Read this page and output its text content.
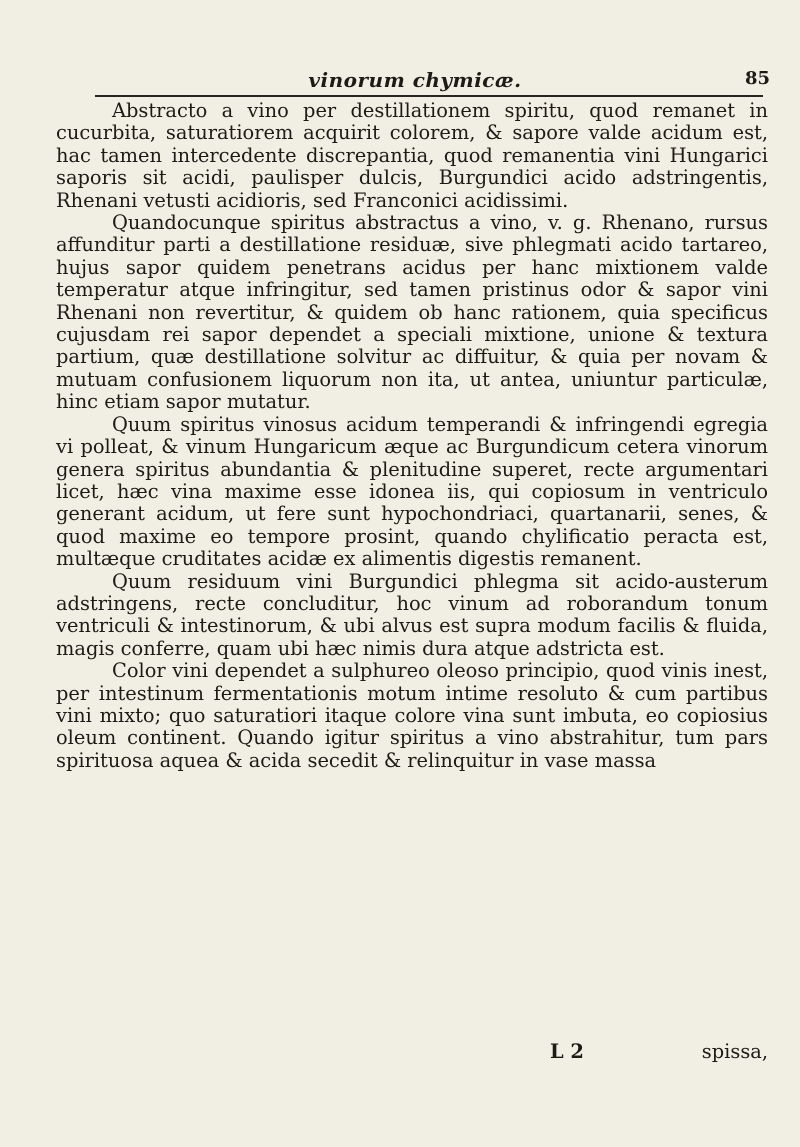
vinorum chymicæ.	85

Abstracto a vino per destillationem spiritu, quod remanet in cucurbita, saturatiorem acquirit colorem, & sapore valde acidum est, hac tamen intercedente discrepantia, quod remanentia vini Hungarici saporis sit acidi, paulisper dulcis, Burgundici acido adstringentis, Rhenani vetusti acidioris, sed Franconici acidissimi.

Quandocunque spiritus abstractus a vino, v. g. Rhenano, rursus affunditur parti a destillatione residuæ, sive phlegmati acido tartareo, hujus sapor quidem penetrans acidus per hanc mixtionem valde temperatur atque infringitur, sed tamen pristinus odor & sapor vini Rhenani non revertitur, & quidem ob hanc rationem, quia specificus cujusdam rei sapor dependet a speciali mixtione, unione & textura partium, quæ destillatione solvitur ac diffuitur, & quia per novam & mutuam confusionem liquorum non ita, ut antea, uniuntur particulæ, hinc etiam sapor mutatur.

Quum spiritus vinosus acidum temperandi & infringendi egregia vi polleat, & vinum Hungaricum æque ac Burgundicum cetera vinorum genera spiritus abundantia & plenitudine superet, recte argumentari licet, hæc vina maxime esse idonea iis, qui copiosum in ventriculo generant acidum, ut fere sunt hypochondriaci, quartanarii, senes, & quod maxime eo tempore prosint, quando chylificatio peracta est, multæque cruditates acidæ ex alimentis digestis remanent.

Quum residuum vini Burgundici phlegma sit acido-austerum adstringens, recte concluditur, hoc vinum ad roborandum tonum ventriculi & intestinorum, & ubi alvus est supra modum facilis & fluida, magis conferre, quam ubi hæc nimis dura atque adstricta est.

Color vini dependet a sulphureo oleoso principio, quod vinis inest, per intestinum fermentationis motum intime resoluto & cum partibus vini mixto; quo saturatiori itaque colore vina sunt imbuta, eo copiosius oleum continent. Quando igitur spiritus a vino abstrahitur, tum pars spirituosa aquea & acida secedit & relinquitur in vase massa

L 2	spissa,
